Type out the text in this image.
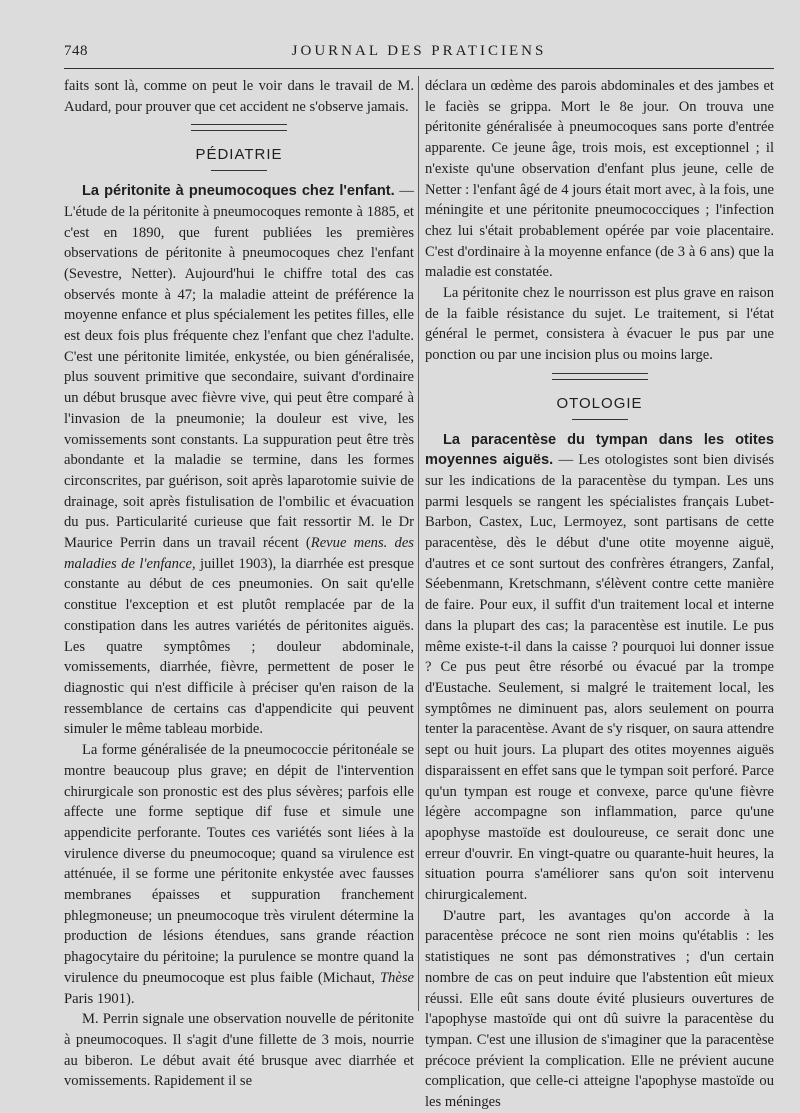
748	JOURNAL DES PRATICIENS

faits sont là, comme on peut le voir dans le travail de M. Audard, pour prouver que cet accident ne s'observe jamais.

PÉDIATRIE

La péritonite à pneumocoques chez l'enfant. — L'étude de la péritonite à pneumocoques remonte à 1885, et c'est en 1890, que furent publiées les premières observations de péritonite à pneumocoques chez l'enfant (Sevestre, Netter). Aujourd'hui le chiffre total des cas observés monte à 47; la maladie atteint de préférence la moyenne enfance et plus spécialement les petites filles, elle est deux fois plus fréquente chez l'enfant que chez l'adulte. C'est une péritonite limitée, enkystée, ou bien généralisée, plus souvent primitive que secondaire, suivant d'ordinaire un début brusque avec fièvre vive, qui peut être comparé à l'invasion de la pneumonie; la douleur est vive, les vomissements sont constants. La suppuration peut être très abondante et la maladie se termine, dans les formes circonscrites, par guérison, soit après laparotomie suivie de drainage, soit après fistulisation de l'ombilic et évacuation du pus. Particularité curieuse que fait ressortir M. le Dr Maurice Perrin dans un travail récent (Revue mens. des maladies de l'enfance, juillet 1903), la diarrhée est presque constante au début de ces pneumonies. On sait qu'elle constitue l'exception et est plutôt remplacée par de la constipation dans les autres variétés de péritonites aiguës. Les quatre symptômes ; douleur abdominale, vomissements, diarrhée, fièvre, permettent de poser le diagnostic qui n'est difficile à préciser qu'en raison de la ressemblance de certains cas d'appendicite qui peuvent simuler le même tableau morbide.

La forme généralisée de la pneumococcie péritonéale se montre beaucoup plus grave; en dépit de l'intervention chirurgicale son pronostic est des plus sévères; parfois elle affecte une forme septique dif fuse et simule une appendicite perforante. Toutes ces variétés sont liées à la virulence diverse du pneumocoque; quand sa virulence est atténuée, il se forme une péritonite enkystée avec fausses membranes épaisses et suppuration franchement phlegmoneuse; un pneumocoque très virulent détermine la production de lésions étendues, sans grande réaction phagocytaire du péritoine; la purulence se montre quand la virulence du pneumocoque est plus faible (Michaut, Thèse Paris 1901).

M. Perrin signale une observation nouvelle de péritonite à pneumocoques. Il s'agit d'une fillette de 3 mois, nourrie au biberon. Le début avait été brusque avec diarrhée et vomissements. Rapidement il se

déclara un œdème des parois abdominales et des jambes et le faciès se grippa. Mort le 8e jour. On trouva une péritonite généralisée à pneumocoques sans porte d'entrée apparente. Ce jeune âge, trois mois, est exceptionnel ; il n'existe qu'une observation d'enfant plus jeune, celle de Netter : l'enfant âgé de 4 jours était mort avec, à la fois, une méningite et une péritonite pneumococciques ; l'infection chez lui s'était probablement opérée par voie placentaire. C'est d'ordinaire à la moyenne enfance (de 3 à 6 ans) que la maladie est constatée.

La péritonite chez le nourrisson est plus grave en raison de la faible résistance du sujet. Le traitement, si l'état général le permet, consistera à évacuer le pus par une ponction ou par une incision plus ou moins large.

OTOLOGIE

La paracentèse du tympan dans les otites moyennes aiguës. — Les otologistes sont bien divisés sur les indications de la paracentèse du tympan. Les uns parmi lesquels se rangent les spécialistes français Lubet-Barbon, Castex, Luc, Lermoyez, sont partisans de cette paracentèse, dès le début d'une otite moyenne aiguë, d'autres et ce sont surtout des confrères étrangers, Zanfal, Séebenmann, Kretschmann, s'élèvent contre cette manière de faire. Pour eux, il suffit d'un traitement local et interne dans la plupart des cas; la paracentèse est inutile. Le pus même existe-t-il dans la caisse ? pourquoi lui donner issue ? Ce pus peut être résorbé ou évacué par la trompe d'Eustache. Seulement, si malgré le traitement local, les symptômes ne diminuent pas, alors seulement on pourra tenter la paracentèse. Avant de s'y risquer, on saura attendre sept ou huit jours. La plupart des otites moyennes aiguës disparaissent en effet sans que le tympan soit perforé. Parce qu'un tympan est rouge et convexe, parce qu'une fièvre légère accompagne son inflammation, parce qu'une apophyse mastoïde est douloureuse, ce serait donc une erreur d'ouvrir. En vingt-quatre ou quarante-huit heures, la situation pourra s'améliorer sans qu'on soit intervenu chirurgicalement.

D'autre part, les avantages qu'on accorde à la paracentèse précoce ne sont rien moins qu'établis : les statistiques ne sont pas démonstratives ; d'un certain nombre de cas on peut induire que l'abstention eût mieux réussi. Elle eût sans doute évité plusieurs ouvertures de l'apophyse mastoïde qui ont dû suivre la paracentèse du tympan. C'est une illusion de s'imaginer que la paracentèse précoce prévient la complication. Elle ne prévient aucune complication, que celle-ci atteigne l'apophyse mastoïde ou les méninges
